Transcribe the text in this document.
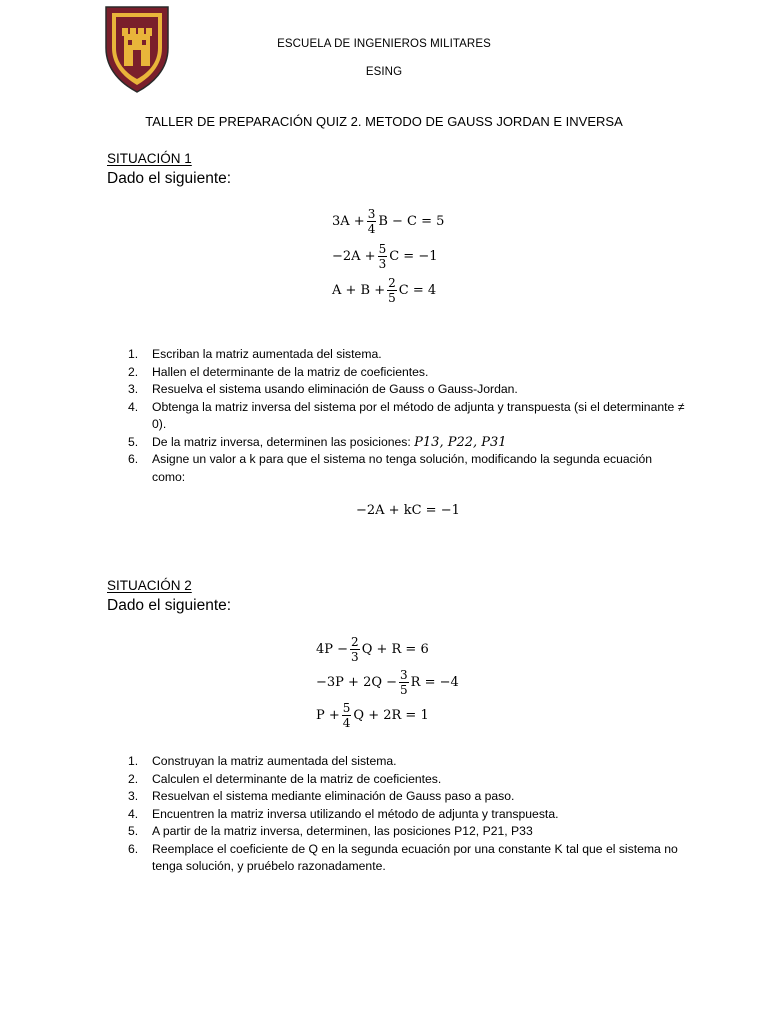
ESCUELA DE INGENIEROS MILITARES
ESING
TALLER DE PREPARACIÓN QUIZ 2. METODO DE GAUSS JORDAN E INVERSA
SITUACIÓN 1
Dado el siguiente:
$3A + \frac{3}{4}$ B − C = 5
$-2A + \frac{5}{3}$ C = −1
$A + B + \frac{2}{5}$ C = 4
1.	Escriban la matriz aumentada del sistema.
2.	Hallen el determinante de la matriz de coeficientes.
3.	Resuelva el sistema usando eliminación de Gauss o Gauss-Jordan.
4.	Obtenga la matriz inversa del sistema por el método de adjunta y transpuesta (si el determinante ≠ 0).
5.	De la matriz inversa, determinen las posiciones: P13, P22, P31
6.	Asigne un valor a k para que el sistema no tenga solución, modificando la segunda ecuación como:
−2A + kC = −1
SITUACIÓN 2
Dado el siguiente:
$4P - \frac{2}{3}$ Q + R = 6
$-3P + 2Q - \frac{3}{5}$ R = −4
$P + \frac{5}{4}$ Q + 2R = 1
1.	Construyan la matriz aumentada del sistema.
2.	Calculen el determinante de la matriz de coeficientes.
3.	Resuelvan el sistema mediante eliminación de Gauss paso a paso.
4.	Encuentren la matriz inversa utilizando el método de adjunta y transpuesta.
5.	A partir de la matriz inversa, determinen, las posiciones P12, P21, P33
6.	Reemplace el coeficiente de Q en la segunda ecuación por una constante K tal que el sistema no tenga solución, y pruébelo razonadamente.
